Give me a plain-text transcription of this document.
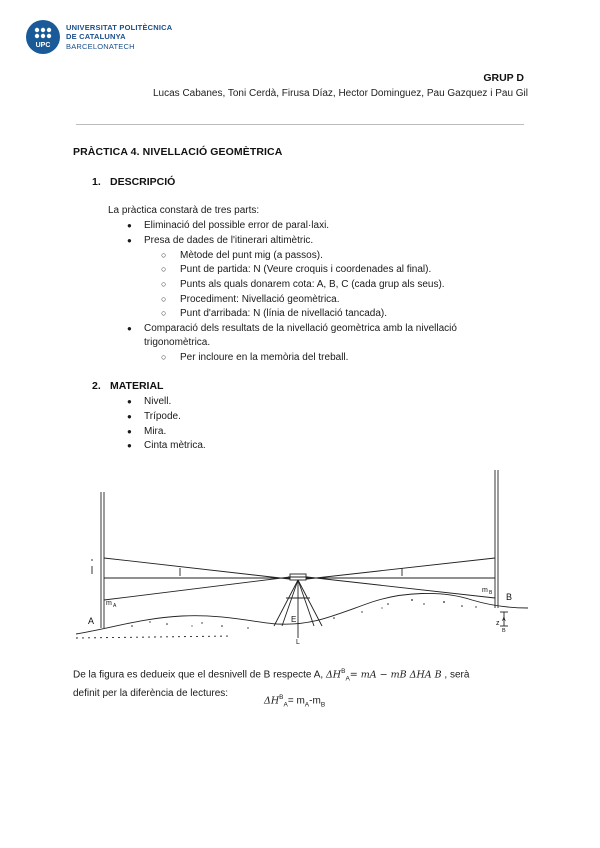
UPC
UNIVERSITAT POLITÈCNICA
DE CATALUNYA
BARCELONATECH
GRUP D
Lucas Cabanes, Toni Cerdà, Firusa Díaz, Hector Dominguez, Pau Gazquez i Pau Gil
PRÀCTICA 4. NIVELLACIÓ GEOMÈTRICA
1. DESCRIPCIÓ
La pràctica constarà de tres parts:
● Eliminació del possible error de paral·laxi.
● Presa de dades de l'itinerari altimètric.
○ Mètode del punt mig (a passos).
○ Punt de partida: N (Veure croquis i coordenades al final).
○ Punts als quals donarem cota: A, B, C (cada grup als seus).
○ Procediment: Nivellació geomètrica.
○ Punt d'arribada: N (línia de nivellació tancada).
● Comparació dels resultats de la nivellació geomètrica amb la nivellació
trigonomètrica.
○ Per incloure en la memòria del treball.
2. MATERIAL
● Nivell.
● Trípode.
● Mira.
● Cinta mètrica.
A
B
E
L
m A
m B
z A
B
De la figura es dedueix que el desnivell de B respecte A, $\Delta H^B_A=$ mA − mB ΔHA B , serà
definit per la diferència de lectures:
$\Delta H^B_A= m_A-m_B$
